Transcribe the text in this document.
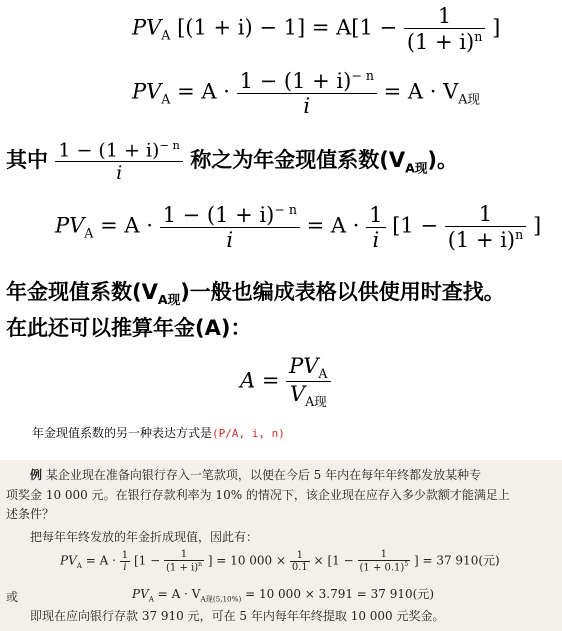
$PV_A$ $[(1 + i) - 1] = A[1 - \frac{1}{(1 + i)^n}$ ]
$PV_A = A \cdot \frac{1 - (1 + i)^{- n}}{i} = A \cdot V_{A现}$
其中 $\frac{1 - (1 + i)^{- n}}{i}$ 称之为年金现值系数$(V_{A现})$。
$PV_A = A \cdot \frac{1 - (1 + i)^{- n}}{i} = A \cdot \frac{1}{i} [1 - \frac{1}{(1 + i)^n}$ ]
年金现值系数$(V_{A现})$一般也编成表格以供使用时查找。
在此还可以推算年金(A)：
$A = \frac{PV_A}{V_{A现}}$
年金现值系数的另一种表达方式是(P/A, i, n)
例 某企业现在准备向银行存入一笔款项，以便在今后 5 年内在每年年终都发放某种专
项奖金 10 000 元。在银行存款利率为 10% 的情况下，该企业现在应存入多少款额才能满足上
述条件？
把每年年终发放的年金折成现值，因此有：
$PV_A = A \cdot \frac{1}{i} [1 - \frac{1}{(1 + i)^n}$ ] = 10 $000 \times \frac{1}{0.1} \times [1 - \frac{1}{(1 + 0.1)^5}$ ] = 37 910(元)
或	$PV_A = A \cdot V_{A现(5,10\%)} = 10$ 000 × 3.791 = 37 910(元)
即现在应向银行存款 37 910 元，可在 5 年内每年年终提取 10 000 元奖金。
